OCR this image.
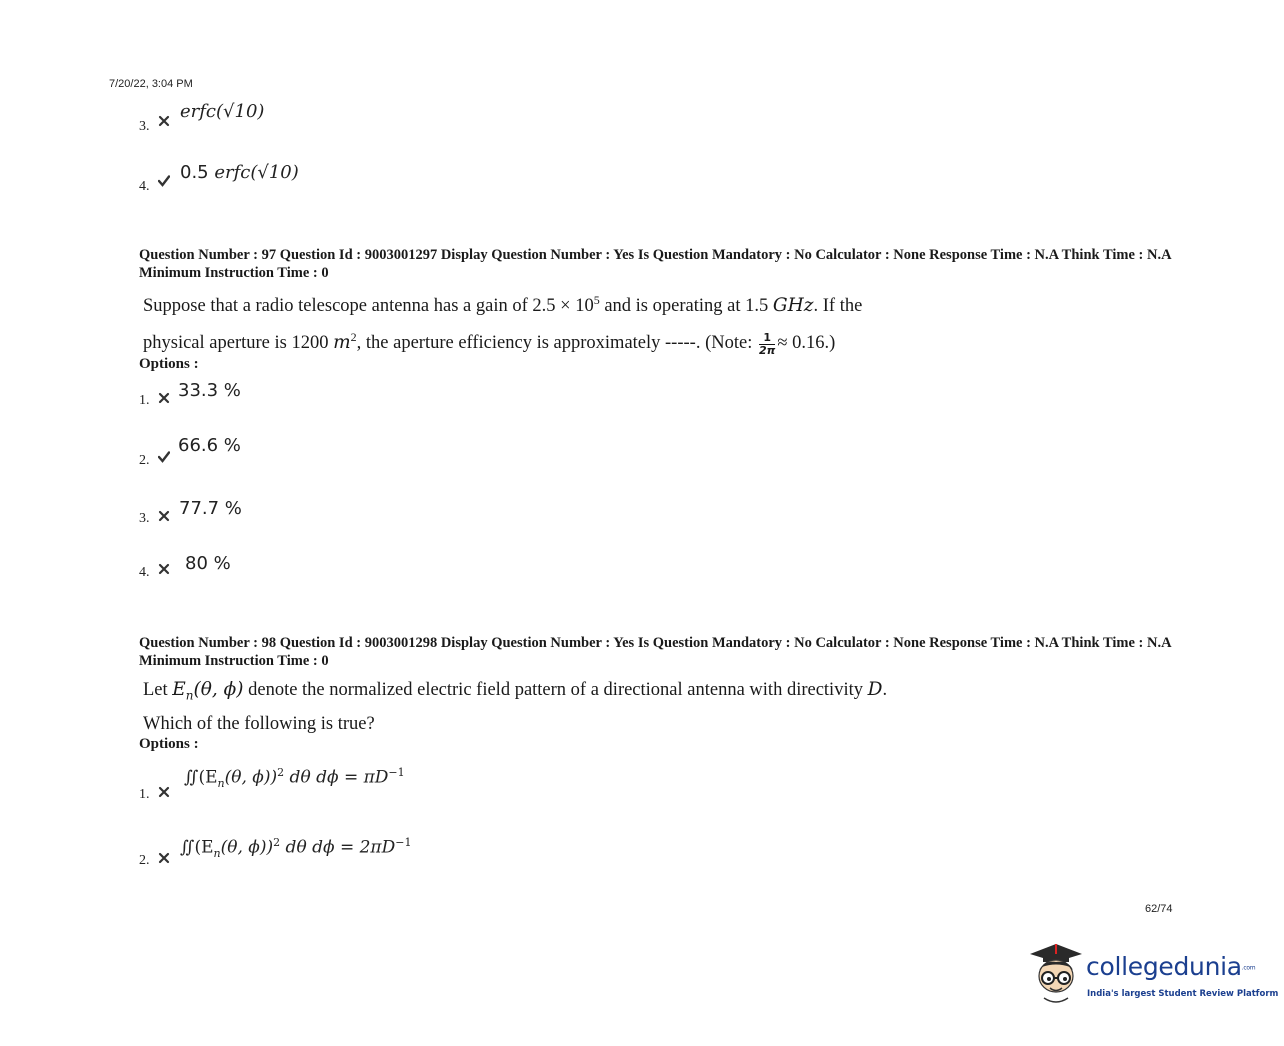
7/20/22, 3:04 PM
3.
erfc(√10)
4.
0.5 erfc(√10)
Question Number : 97 Question Id : 9003001297 Display Question Number : Yes Is Question Mandatory : No Calculator : None Response Time : N.A Think Time : N.A Minimum Instruction Time : 0
Suppose that a radio telescope antenna has a gain of $2.5 \times 10^5$ and is operating at 1.5 GHz. If the
physical aperture is 1200 $m^2$, the aperture efficiency is approximately -----. (Note: $\frac{1}{2\pi} \approx 0.16$.)
Options :
1. 33.3 %
2.
66.6 %
3. 77.7 %
4. 80 %
Question Number : 98 Question Id : 9003001298 Display Question Number : Yes Is Question Mandatory : No Calculator : None Response Time : N.A Think Time : N.A Minimum Instruction Time : 0
Let $E_n(\theta$, ϕ) denote the normalized electric field pattern of a directional antenna with directivity D.
Which of the following is true?
Options :
1.
$∬(E_n(\theta$, ϕ))$^2$ dθ $d\phi = \pi D^{-1}$
2.
$∬(E_n(\theta$, ϕ))$^2$ dθ $d\phi = 2\pi D^{-1}$
62/74
collegedunia.com
India's largest Student Review Platform
